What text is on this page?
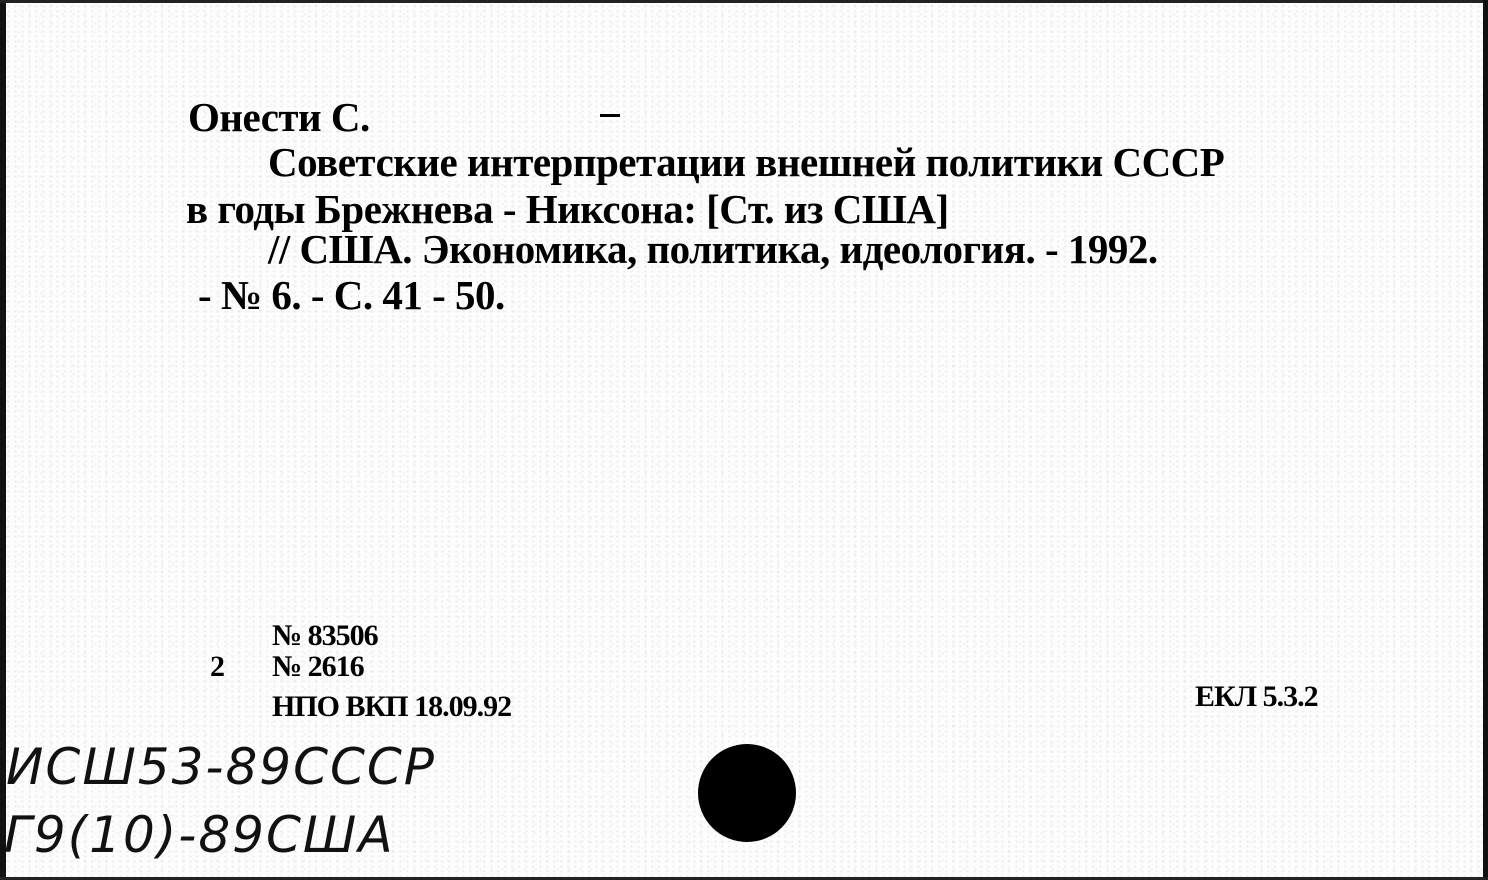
Онести С.
Советские интерпретации внешней политики СССР
в годы Брежнева - Никсона: [Ст. из США]
// США. Экономика, политика, идеология. - 1992.
- № 6. - С. 41 - 50.
№ 83506
2 № 2616
НПО ВКП 18.09.92	ЕКЛ 5.3.2
ИСШ53-89СССР
Г9(10)-89США
